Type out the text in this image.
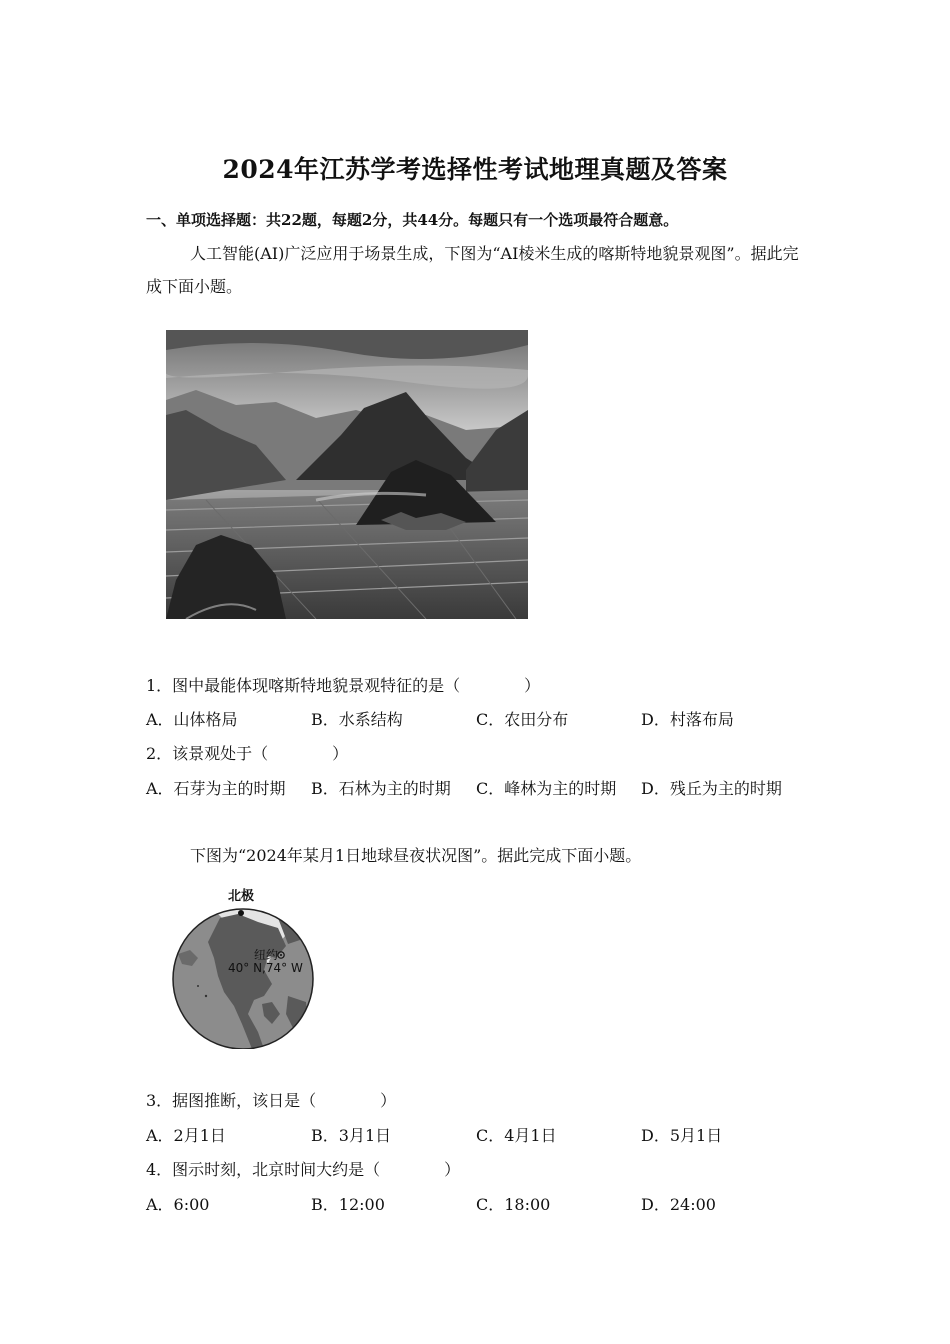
2024年江苏学考选择性考试地理真题及答案
一、单项选择题：共22题，每题2分，共44分。每题只有一个选项最符合题意。
人工智能(AI)广泛应用于场景生成，下图为“AI棱米生成的喀斯特地貌景观图”。据此完成下面小题。
1．图中最能体现喀斯特地貌景观特征的是（　　　　）
A．山体格局	B．水系结构	C．农田分布	D．村落布局
2．该景观处于（　　　　）
A．石芽为主的时期 B．石林为主的时期 C．峰林为主的时期 D．残丘为主的时期
下图为“2024年某月1日地球昼夜状况图”。据此完成下面小题。
北极
纽约
40° N,74° W
3．据图推断，该日是（　　　　）
A．2月1日	B．3月1日	C．4月1日	D．5月1日
4．图示时刻，北京时间大约是（　　　　）
A．6:00	B．12:00	C．18:00	D．24:00
